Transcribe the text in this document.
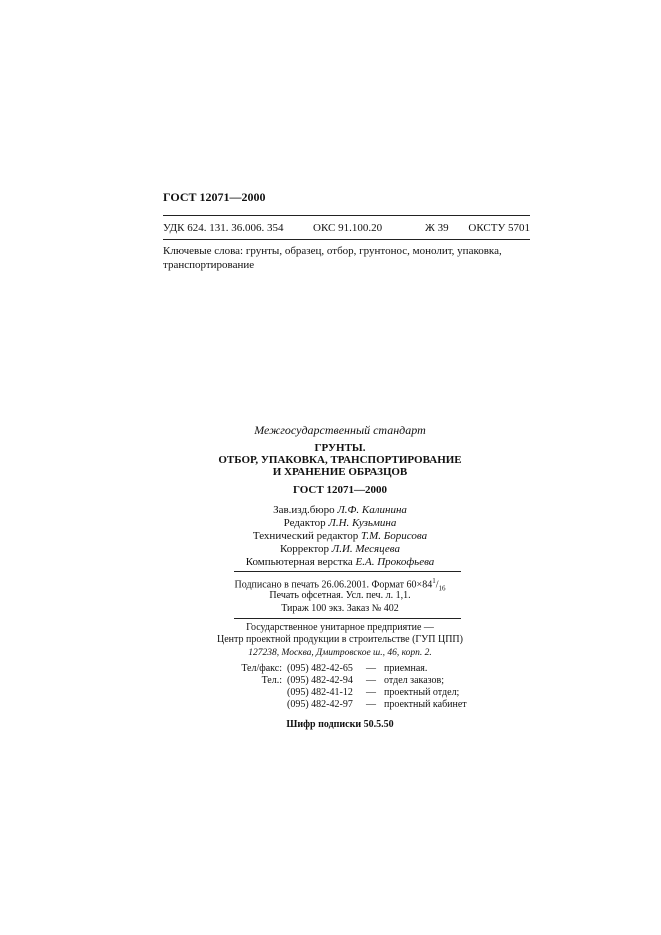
ГОСТ 12071—2000
УДК 624. 131. 36.006. 354	ОКС 91.100.20	Ж 39 ОКСТУ 5701
Ключевые слова: грунты, образец, отбор, грунтонос, монолит, упаковка,
транспортирование
Межгосударственный стандарт
ГРУНТЫ.
ОТБОР, УПАКОВКА, ТРАНСПОРТИРОВАНИЕ
И ХРАНЕНИЕ ОБРАЗЦОВ
ГОСТ 12071—2000
Зав.изд.бюро Л.Ф. Калинина
Редактор Л.Н. Кузьмина
Технический редактор Т.М. Борисова
Корректор Л.И. Месяцева
Компьютерная верстка Е.А. Прокофьева
Подписано в печать 26.06.2001. Формат $60\times 84^1/_{16}$
Печать офсетная. Усл. печ. л. 1,1.
Тираж 100 экз. Заказ № 402
Государственное унитарное предприятие —
Центр проектной продукции в строительстве (ГУП ЦПП)
127238, Москва, Дмитровское ш., 46, корп. 2.
Тел/факс: (095) 482-42-65 — приемная.
Тел.: (095) 482-42-94 — отдел заказов;
(095) 482-41-12 — проектный отдел;
(095) 482-42-97 — проектный кабинет
Шифр подписки 50.5.50
